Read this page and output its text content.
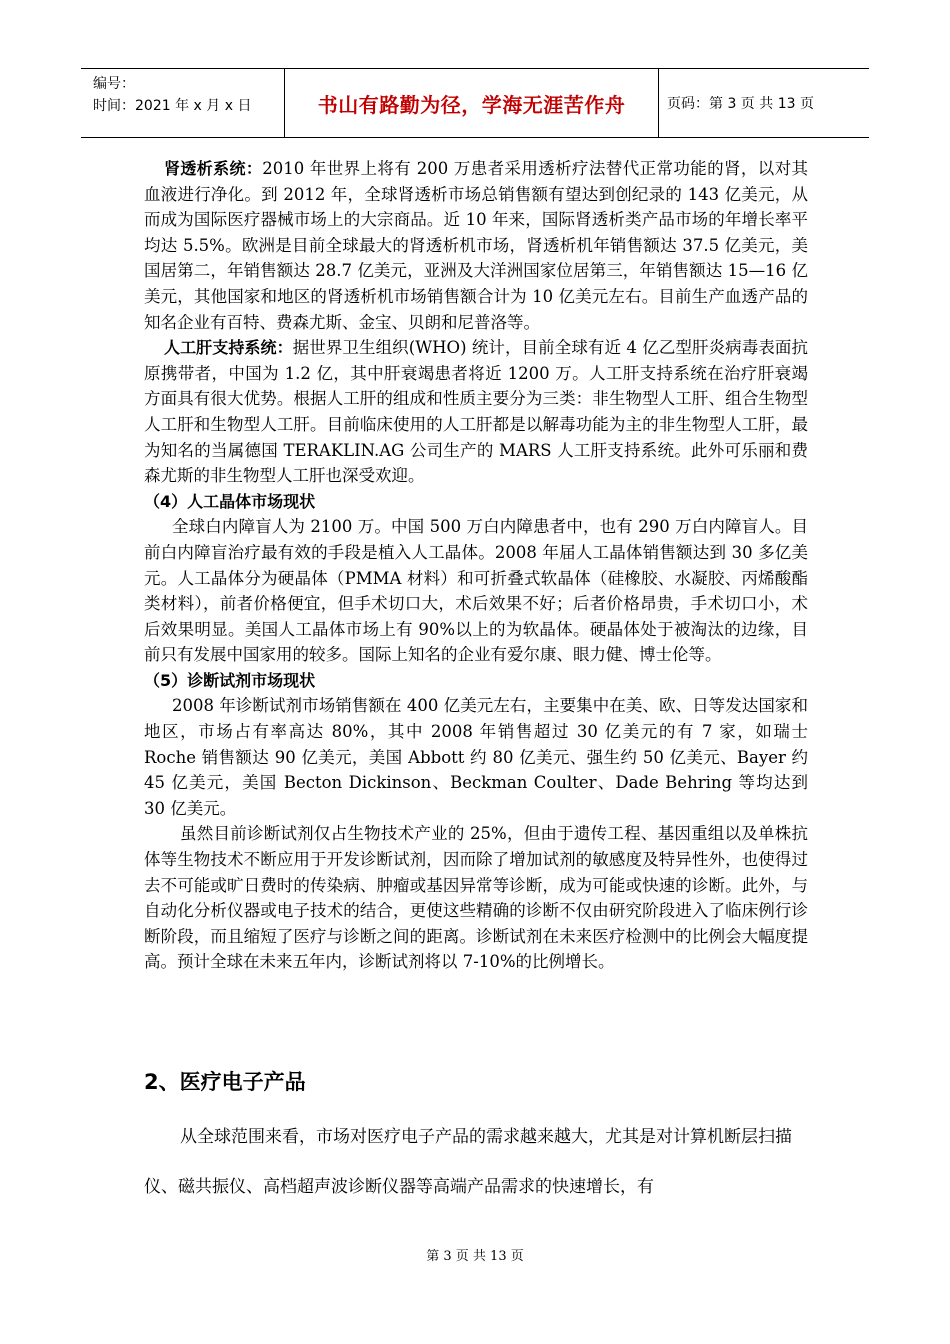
编号：
时间：2021 年 x 月 x 日	书山有路勤为径，学海无涯苦作舟	页码：第 3 页 共 13 页

肾透析系统：2010 年世界上将有 200 万患者采用透析疗法替代正常功能的肾，以对其血液进行净化。到 2012 年，全球肾透析市场总销售额有望达到创纪录的 143 亿美元，从而成为国际医疗器械市场上的大宗商品。近 10 年来，国际肾透析类产品市场的年增长率平均达 5.5%。欧洲是目前全球最大的肾透析机市场，肾透析机年销售额达 37.5 亿美元，美国居第二，年销售额达 28.7 亿美元，亚洲及大洋洲国家位居第三，年销售额达 15—16 亿美元，其他国家和地区的肾透析机市场销售额合计为 10 亿美元左右。目前生产血透产品的知名企业有百特、费森尤斯、金宝、贝朗和尼普洛等。

人工肝支持系统：据世界卫生组织(WHO) 统计，目前全球有近 4 亿乙型肝炎病毒表面抗原携带者，中国为 1.2 亿，其中肝衰竭患者将近 1200 万。人工肝支持系统在治疗肝衰竭方面具有很大优势。根据人工肝的组成和性质主要分为三类：非生物型人工肝、组合生物型人工肝和生物型人工肝。目前临床使用的人工肝都是以解毒功能为主的非生物型人工肝，最为知名的当属德国 TERAKLIN.AG 公司生产的 MARS 人工肝支持系统。此外可乐丽和费森尤斯的非生物型人工肝也深受欢迎。

（4）人工晶体市场现状

全球白内障盲人为 2100 万。中国 500 万白内障患者中，也有 290 万白内障盲人。目前白内障盲治疗最有效的手段是植入人工晶体。2008 年届人工晶体销售额达到 30 多亿美元。人工晶体分为硬晶体（PMMA 材料）和可折叠式软晶体（硅橡胶、水凝胶、丙烯酸酯类材料），前者价格便宜，但手术切口大，术后效果不好；后者价格昂贵，手术切口小，术后效果明显。美国人工晶体市场上有 90%以上的为软晶体。硬晶体处于被淘汰的边缘，目前只有发展中国家用的较多。国际上知名的企业有爱尔康、眼力健、博士伦等。

（5）诊断试剂市场现状

2008 年诊断试剂市场销售额在 400 亿美元左右，主要集中在美、欧、日等发达国家和地区，市场占有率高达 80%，其中 2008 年销售超过 30 亿美元的有 7 家，如瑞士 Roche 销售额达 90 亿美元，美国 Abbott 约 80 亿美元、强生约 50 亿美元、Bayer 约 45 亿美元，美国 Becton Dickinson、Beckman Coulter、Dade Behring 等均达到 30 亿美元。

虽然目前诊断试剂仅占生物技术产业的 25%，但由于遗传工程、基因重组以及单株抗体等生物技术不断应用于开发诊断试剂，因而除了增加试剂的敏感度及特异性外，也使得过去不可能或旷日费时的传染病、肿瘤或基因异常等诊断，成为可能或快速的诊断。此外，与自动化分析仪器或电子技术的结合，更使这些精确的诊断不仅由研究阶段进入了临床例行诊断阶段，而且缩短了医疗与诊断之间的距离。诊断试剂在未来医疗检测中的比例会大幅度提高。预计全球在未来五年内，诊断试剂将以 7-10%的比例增长。

2、医疗电子产品

从全球范围来看，市场对医疗电子产品的需求越来越大，尤其是对计算机断层扫描仪、磁共振仪、高档超声波诊断仪器等高端产品需求的快速增长，有

第 3 页 共 13 页
